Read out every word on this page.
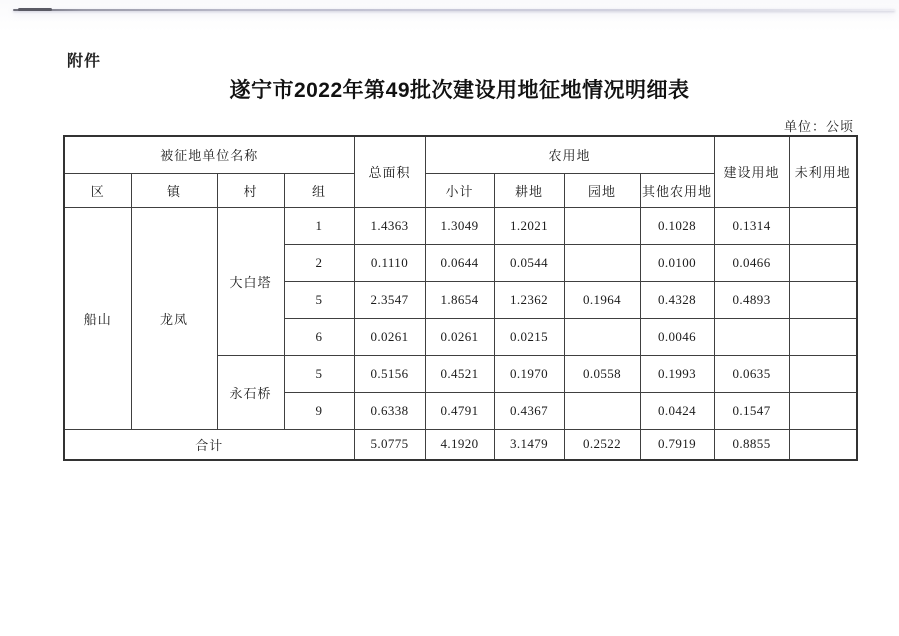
附件
遂宁市2022年第49批次建设用地征地情况明细表
单位：公顷
被征地单位名称				总面积	农用地				建设用地	未利用地
区	镇	村	组		小计	耕地	园地	其他农用地		
船山	龙凤	大白塔	1	1.4363	1.3049	1.2021		0.1028	0.1314	
			2	0.1110	0.0644	0.0544		0.0100	0.0466	
			5	2.3547	1.8654	1.2362	0.1964	0.4328	0.4893	
			6	0.0261	0.0261	0.0215		0.0046		
		永石桥	5	0.5156	0.4521	0.1970	0.0558	0.1993	0.0635	
			9	0.6338	0.4791	0.4367		0.0424	0.1547	
合计				5.0775	4.1920	3.1479	0.2522	0.7919	0.8855	
